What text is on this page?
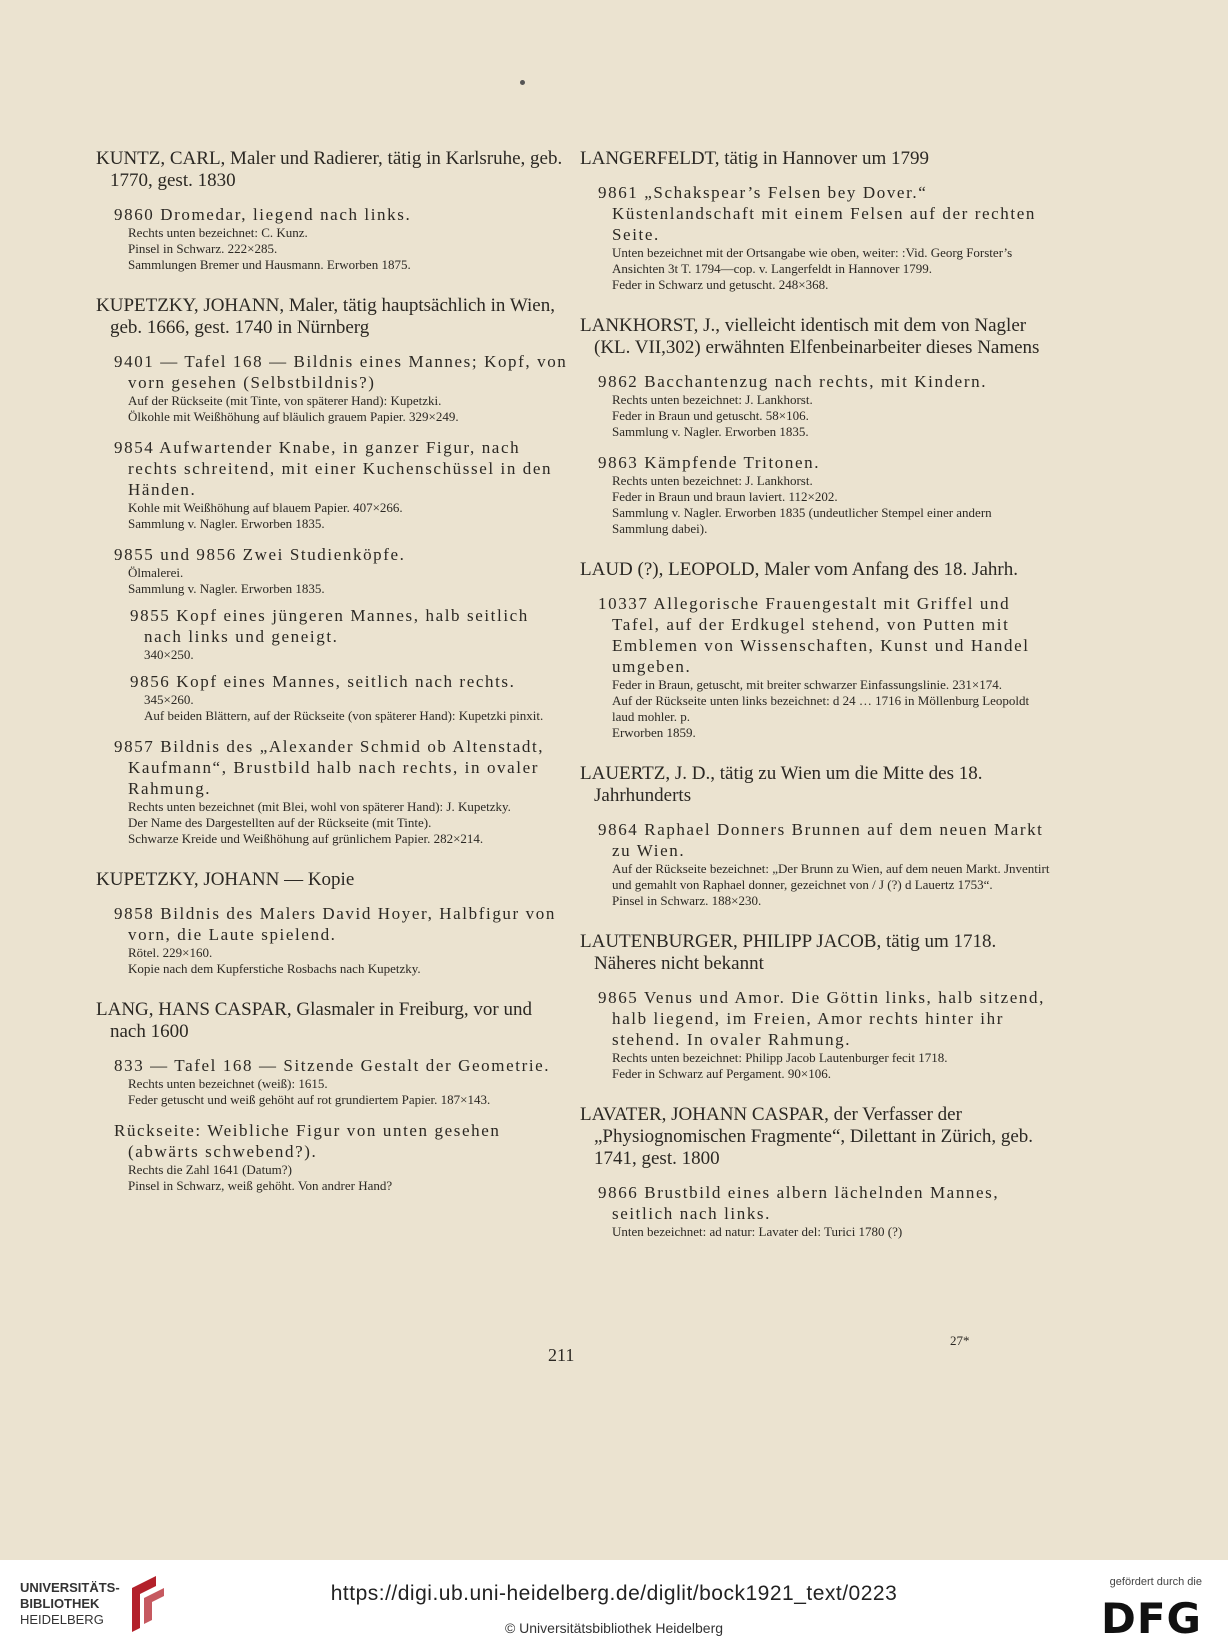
KUNTZ, CARL, Maler und Radierer, tätig in Karlsruhe, geb. 1770, gest. 1830
9860 Dromedar, liegend nach links.
Rechts unten bezeichnet: C. Kunz.
Pinsel in Schwarz. 222×285.
Sammlungen Bremer und Hausmann. Erworben 1875.
KUPETZKY, JOHANN, Maler, tätig hauptsächlich in Wien, geb. 1666, gest. 1740 in Nürnberg
9401 — Tafel 168 — Bildnis eines Mannes; Kopf, von vorn gesehen (Selbstbildnis?)
Auf der Rückseite (mit Tinte, von späterer Hand): Kupetzki.
Ölkohle mit Weißhöhung auf bläulich grauem Papier. 329×249.
9854 Aufwartender Knabe, in ganzer Figur, nach rechts schreitend, mit einer Kuchenschüssel in den Händen.
Kohle mit Weißhöhung auf blauem Papier. 407×266.
Sammlung v. Nagler. Erworben 1835.
9855 und 9856 Zwei Studienköpfe.
Ölmalerei.
Sammlung v. Nagler. Erworben 1835.
9855 Kopf eines jüngeren Mannes, halb seitlich nach links und geneigt.
340×250.
9856 Kopf eines Mannes, seitlich nach rechts.
345×260.
Auf beiden Blättern, auf der Rückseite (von späterer Hand): Kupetzki pinxit.
9857 Bildnis des „Alexander Schmid ob Altenstadt, Kaufmann“, Brustbild halb nach rechts, in ovaler Rahmung.
Rechts unten bezeichnet (mit Blei, wohl von späterer Hand): J. Kupetzky.
Der Name des Dargestellten auf der Rückseite (mit Tinte).
Schwarze Kreide und Weißhöhung auf grünlichem Papier. 282×214.
KUPETZKY, JOHANN — Kopie
9858 Bildnis des Malers David Hoyer, Halbfigur von vorn, die Laute spielend.
Rötel. 229×160.
Kopie nach dem Kupferstiche Rosbachs nach Kupetzky.
LANG, HANS CASPAR, Glasmaler in Freiburg, vor und nach 1600
833 — Tafel 168 — Sitzende Gestalt der Geometrie.
Rechts unten bezeichnet (weiß): 1615.
Feder getuscht und weiß gehöht auf rot grundiertem Papier. 187×143.
Rückseite: Weibliche Figur von unten gesehen (abwärts schwebend?).
Rechts die Zahl 1641 (Datum?)
Pinsel in Schwarz, weiß gehöht. Von andrer Hand?
LANGERFELDT, tätig in Hannover um 1799
9861 „Schakspear’s Felsen bey Dover.“ Küstenlandschaft mit einem Felsen auf der rechten Seite.
Unten bezeichnet mit der Ortsangabe wie oben, weiter: :Vid. Georg Forster’s Ansichten 3t T. 1794—cop. v. Langerfeldt in Hannover 1799.
Feder in Schwarz und getuscht. 248×368.
LANKHORST, J., vielleicht identisch mit dem von Nagler (KL. VII,302) erwähnten Elfenbeinarbeiter dieses Namens
9862 Bacchantenzug nach rechts, mit Kindern.
Rechts unten bezeichnet: J. Lankhorst.
Feder in Braun und getuscht. 58×106.
Sammlung v. Nagler. Erworben 1835.
9863 Kämpfende Tritonen.
Rechts unten bezeichnet: J. Lankhorst.
Feder in Braun und braun laviert. 112×202.
Sammlung v. Nagler. Erworben 1835 (undeutlicher Stempel einer andern Sammlung dabei).
LAUD (?), LEOPOLD, Maler vom Anfang des 18. Jahrh.
10337 Allegorische Frauengestalt mit Griffel und Tafel, auf der Erdkugel stehend, von Putten mit Emblemen von Wissenschaften, Kunst und Handel umgeben.
Feder in Braun, getuscht, mit breiter schwarzer Einfassungslinie. 231×174.
Auf der Rückseite unten links bezeichnet: d 24 … 1716 in Möllenburg Leopoldt laud mohler. p.
Erworben 1859.
LAUERTZ, J. D., tätig zu Wien um die Mitte des 18. Jahrhunderts
9864 Raphael Donners Brunnen auf dem neuen Markt zu Wien.
Auf der Rückseite bezeichnet: „Der Brunn zu Wien, auf dem neuen Markt. Jnventirt und gemahlt von Raphael donner, gezeichnet von / J (?) d Lauertz 1753“.
Pinsel in Schwarz. 188×230.
LAUTENBURGER, PHILIPP JACOB, tätig um 1718. Näheres nicht bekannt
9865 Venus und Amor. Die Göttin links, halb sitzend, halb liegend, im Freien, Amor rechts hinter ihr stehend. In ovaler Rahmung.
Rechts unten bezeichnet: Philipp Jacob Lautenburger fecit 1718.
Feder in Schwarz auf Pergament. 90×106.
LAVATER, JOHANN CASPAR, der Verfasser der „Physiognomischen Fragmente“, Dilettant in Zürich, geb. 1741, gest. 1800
9866 Brustbild eines albern lächelnden Mannes, seitlich nach links.
Unten bezeichnet: ad natur: Lavater del: Turici 1780 (?)
27*
211
UNIVERSITÄTS-
BIBLIOTHEK
HEIDELBERG
https://digi.ub.uni-heidelberg.de/diglit/bock1921_text/0223
© Universitätsbibliothek Heidelberg
gefördert durch die
DFG
